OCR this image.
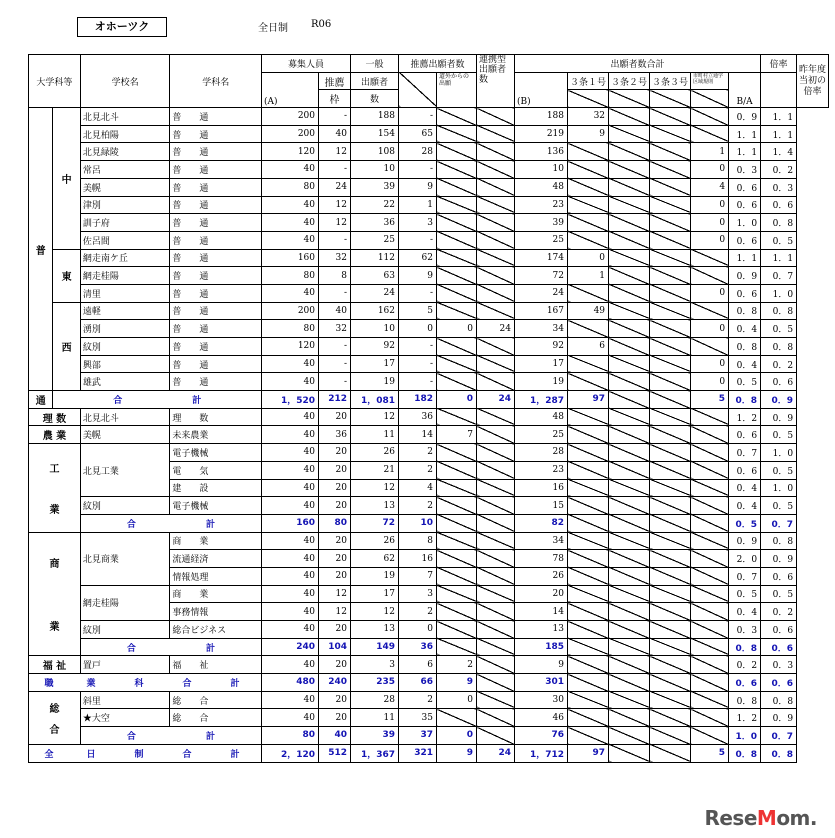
オホーツク	全日制 R06
大学科等		学校名	学科名	募集人員		一般	推薦出願者数		連携型出願者数	出願者数合計						倍率	昨年度
当初の
倍率
				(A)	推薦	出願者		道外からの出願		(B)	３条１号	３条２号	３条３号	市町村立通学区域規則	B/A		
					枠	数											
普	中	北見北斗	普　　通	200	-	188	-			188	32				0．9	1．1	
		北見柏陽	普　　通	200	40	154	65			219	9				1．1	1．1	
		北見緑陵	普　　通	120	12	108	28			136				1	1．1	1．4	
		常呂	普　　通	40	-	10	-			10				0	0．3	0．2	
		美幌	普　　通	80	24	39	9			48				4	0．6	0．3	
		津別	普　　通	40	12	22	1			23				0	0．6	0．6	
		訓子府	普　　通	40	12	36	3			39				0	1．0	0．8	
		佐呂間	普　　通	40	-	25	-			25				0	0．6	0．5	
	東	網走南ケ丘	普　　通	160	32	112	62			174	0				1．1	1．1	
		網走桂陽	普　　通	80	8	63	9			72	1				0．9	0．7	
		清里	普　　通	40	-	24	-			24				0	0．6	1．0	
	西	遠軽	普　　通	200	40	162	5			167	49				0．8	0．8	
		湧別	普　　通	80	32	10	0	0	24	34				0	0．4	0．5	
		紋別	普　　通	120	-	92	-			92	6				0．8	0．8	
		興部	普　　通	40	-	17	-			17				0	0．4	0．2	
		雄武	普　　通	40	-	19	-			19				0	0．5	0．6	
通	合 計			1，520	212	1，081	182	0	24	1，287	97			5	0．8	0．9	
理 数		北見北斗	理　　数	40	20	12	36			48					1．2	0．9	
農 業		美幌	未来農業	40	36	11	14	7		25					0．6	0．5	

工
業		北見工業	電子機械	40	20	26	2			28					0．7	1．0	
			電　　気	40	20	21	2			23					0．6	0．5	
			建　　設	40	20	12	4			16					0．4	1．0	
		紋別	電子機械	40	20	13	2			15					0．4	0．5	
		合 計		160	80	72	10			82					0．5	0．7	

商
業		北見商業	商　　業	40	20	26	8			34					0．9	0．8	
			流通経済	40	20	62	16			78					2．0	0．9	
			情報処理	40	20	19	7			26					0．7	0．6	
		網走桂陽	商　　業	40	12	17	3			20					0．5	0．5	
			事務情報	40	12	12	2			14					0．4	0．2	
		紋別	総合ビジネス	40	20	13	0			13					0．3	0．6	
		合 計		240	104	149	36			185					0．8	0．6	
福 祉		置戸	福　　祉	40	20	3	6	2		9					0．2	0．3	
職 業 科 合 計				480	240	235	66	9		301					0．6	0．6	

総
合		斜里	総　　合	40	20	28	2	0		30					0．8	0．8	
		★大空	総　　合	40	20	11	35			46					1．2	0．9	
		合 計		80	40	39	37	0		76					1．0	0．7	
全 日 制 合 計				2，120	512	1，367	321	9	24	1，712	97			5	0．8	0．8	
ReseMom.
